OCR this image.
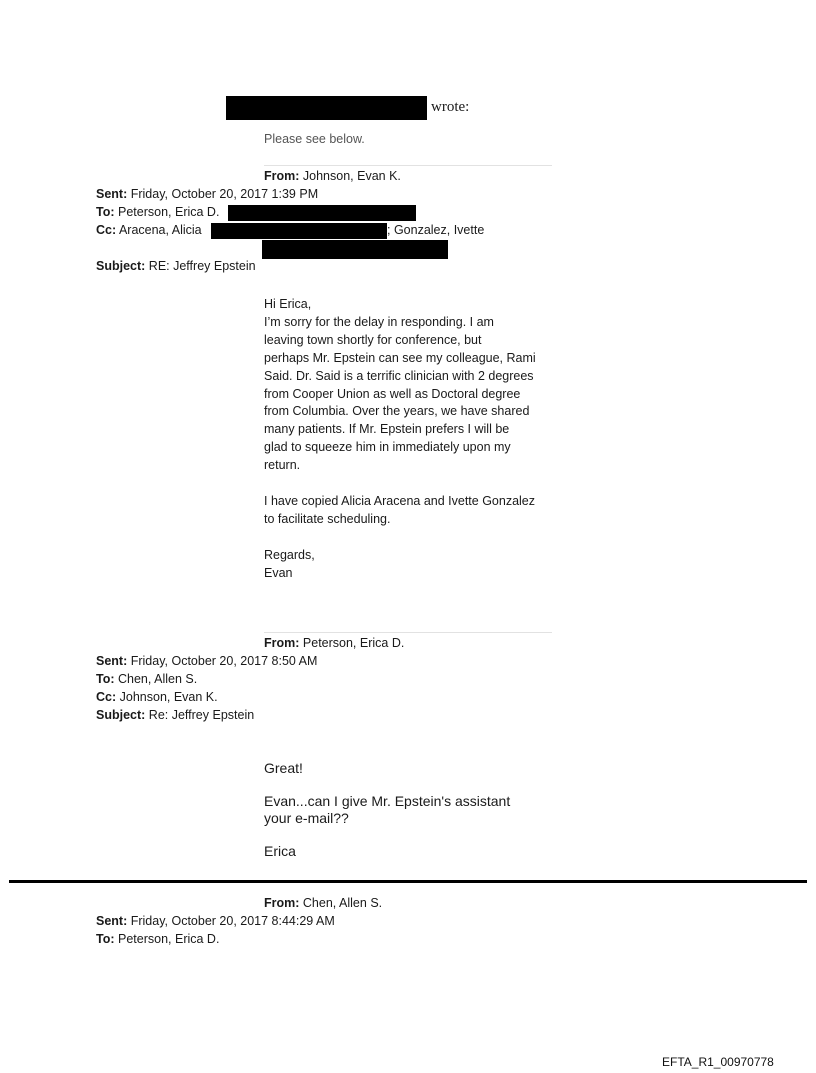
wrote:
Please see below.
From: Johnson, Evan K.
Sent: Friday, October 20, 2017 1:39 PM
To: Peterson, Erica D.
Cc: Aracena, Alicia	; Gonzalez, Ivette
Subject: RE: Jeffrey Epstein

Hi Erica,

I’m sorry for the delay in responding. I am

leaving town shortly for conference, but

perhaps Mr. Epstein can see my colleague, Rami

Said. Dr. Said is a terrific clinician with 2 degrees

from Cooper Union as well as Doctoral degree

from Columbia. Over the years, we have shared

many patients. If Mr. Epstein prefers I will be

glad to squeeze him in immediately upon my

return.

I have copied Alicia Aracena and Ivette Gonzalez

to facilitate scheduling.

Regards,

Evan

From: Peterson, Erica D.
Sent: Friday, October 20, 2017 8:50 AM
To: Chen, Allen S.
Cc: Johnson, Evan K.
Subject: Re: Jeffrey Epstein
Great!
Evan...can I give Mr. Epstein's assistant
your e-mail??
Erica
From: Chen, Allen S.
Sent: Friday, October 20, 2017 8:44:29 AM
To: Peterson, Erica D.
EFTA_R1_00970778
